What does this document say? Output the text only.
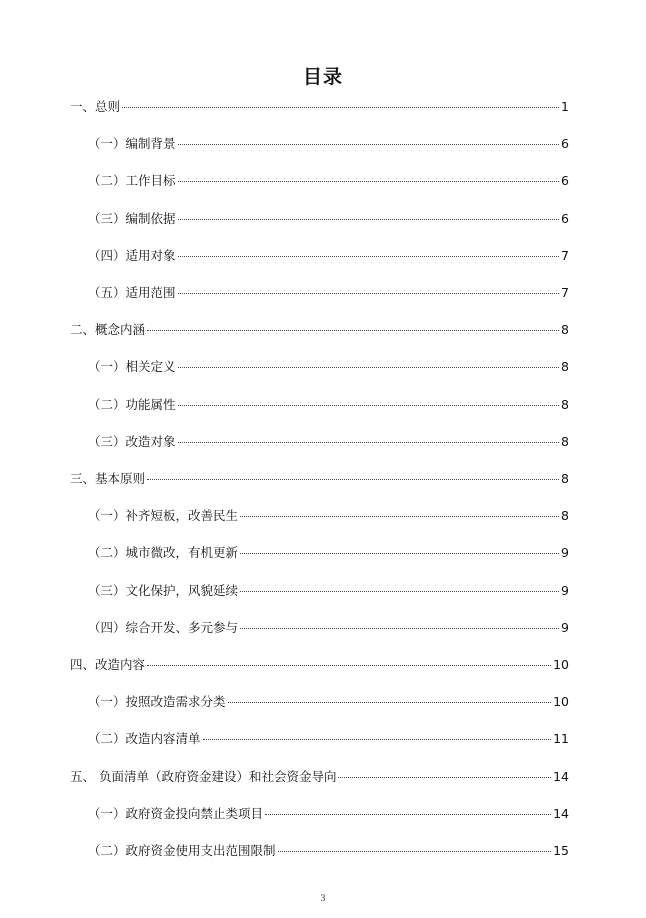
目录
一、总则	1
（一）编制背景	6
（二）工作目标	6
（三）编制依据	6
（四）适用对象	7
（五）适用范围	7
二、概念内涵	8
（一）相关定义	8
（二）功能属性	8
（三）改造对象	8
三、基本原则	8
（一）补齐短板，改善民生	8
（二）城市微改，有机更新	9
（三）文化保护，风貌延续	9
（四）综合开发、多元参与	9
四、改造内容	10
（一）按照改造需求分类	10
（二）改造内容清单	11
五、 负面清单（政府资金建设）和社会资金导向	14
（一）政府资金投向禁止类项目	14
（二）政府资金使用支出范围限制	15
3
